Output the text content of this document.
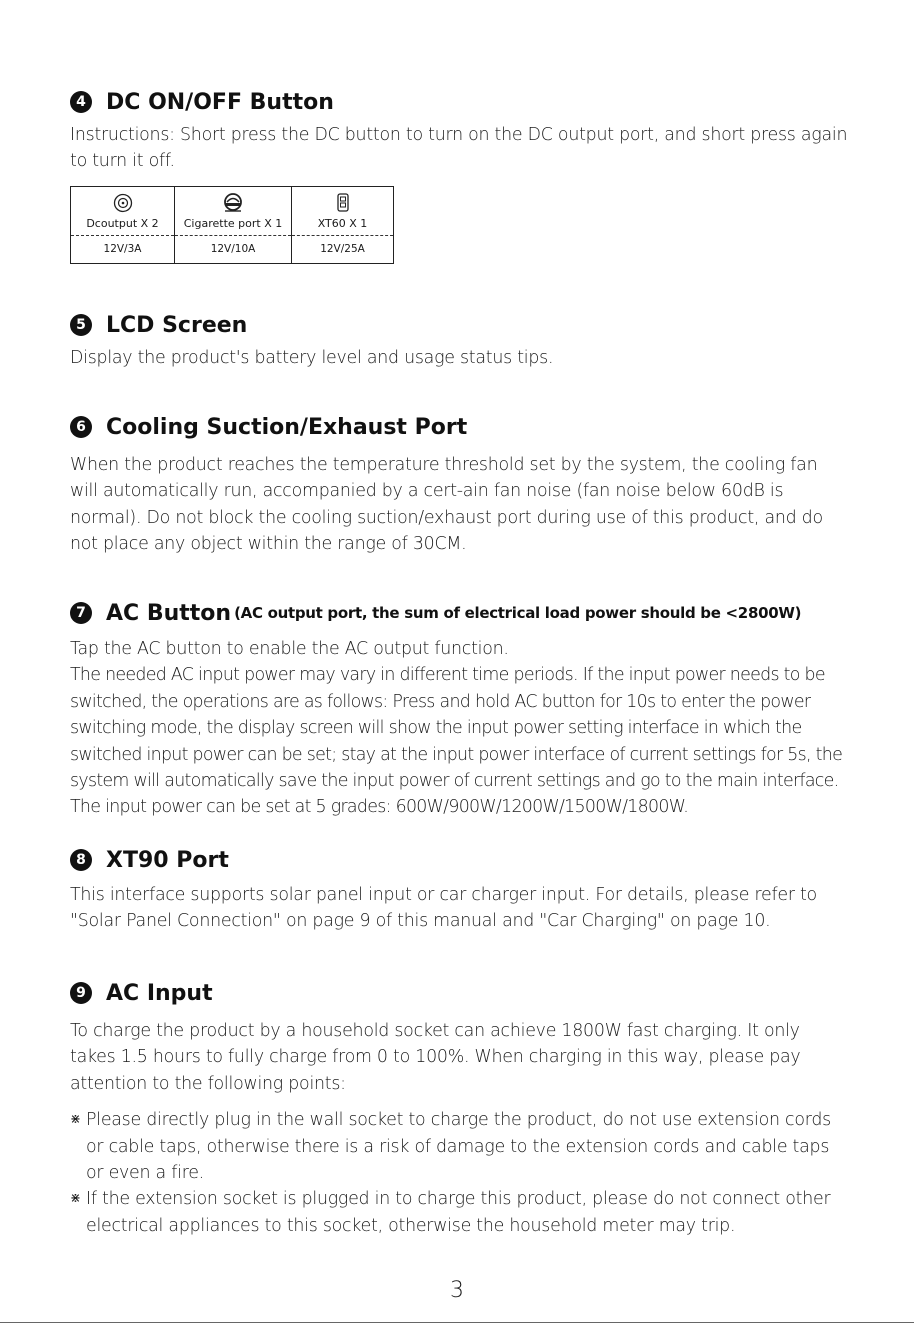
4 DC ON/OFF Button

Instructions: Short press the DC button to turn on the DC output port, and short press again to turn it off.

Dcoutput X 2
12V/3A
Cigarette port X 1
12V/10A
XT60 X 1
12V/25A
5 LCD Screen

Display the product's battery level and usage status tips.

6 Cooling Suction/Exhaust Port

When the product reaches the temperature threshold set by the system, the cooling fan will automatically run, accompanied by a cert-ain fan noise (fan noise below 60dB is normal). Do not block the cooling suction/exhaust port during use of this product, and do not place any object within the range of 30CM.

7 AC Button (AC output port, the sum of electrical load power should be <2800W)

Tap the AC button to enable the AC output function.

The needed AC input power may vary in different time periods. If the input power needs to be switched, the operations are as follows: Press and hold AC button for 10s to enter the power switching mode, the display screen will show the input power setting interface in which the switched input power can be set; stay at the input power interface of current settings for 5s, the system will automatically save the input power of current settings and go to the main interface. The input power can be set at 5 grades: 600W/900W/1200W/1500W/1800W.

8 XT90 Port

This interface supports solar panel input or car charger input. For details, please refer to "Solar Panel Connection" on page 9 of this manual and "Car Charging" on page 10.

9 AC Input

To charge the product by a household socket can achieve 1800W fast charging. It only takes 1.5 hours to fully charge from 0 to 100%. When charging in this way, please pay attention to the following points:

⋇ Please directly plug in the wall socket to charge the product, do not use extension cords or cable taps, otherwise there is a risk of damage to the extension cords and cable taps or even a fire.

⋇ If the extension socket is plugged in to charge this product, please do not connect other electrical appliances to this socket, otherwise the household meter may trip.

3
